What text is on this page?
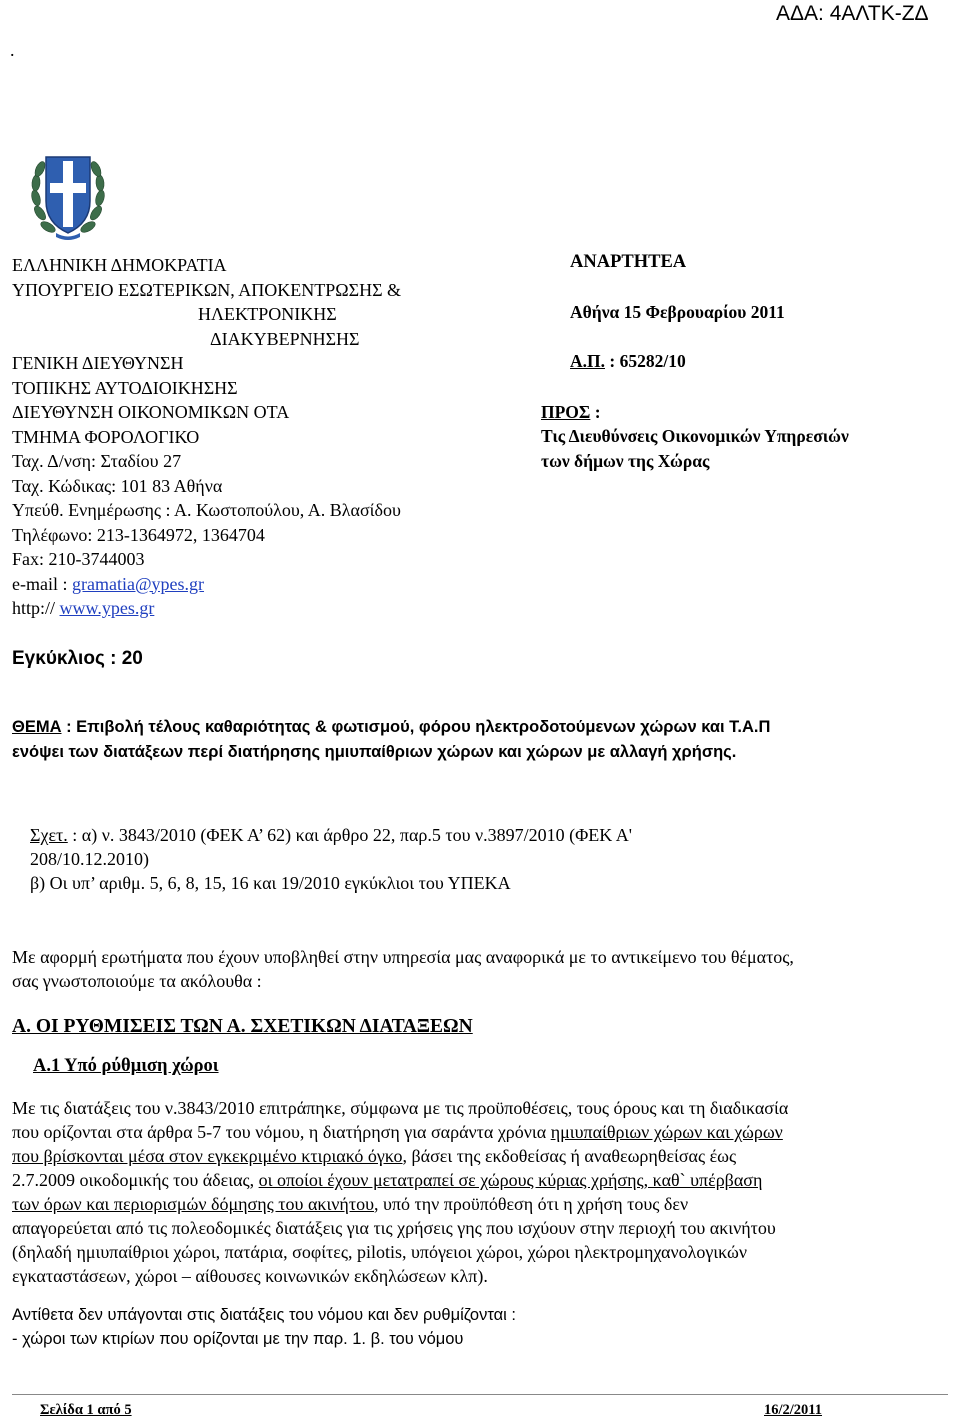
ΑΔΑ: 4ΑΛΤΚ-ΖΔ
.
ΕΛΛΗΝΙΚΗ ΔΗΜΟΚΡΑΤΙΑ
ΥΠΟΥΡΓΕΙΟ ΕΣΩΤΕΡΙΚΩΝ, ΑΠΟΚΕΝΤΡΩΣΗΣ &
ΗΛΕΚΤΡΟΝΙΚΗΣ
ΔΙΑΚΥΒΕΡΝΗΣΗΣ
ΓΕΝΙΚΗ ΔΙΕΥΘΥΝΣΗ
ΤΟΠΙΚΗΣ ΑΥΤΟΔΙΟΙΚΗΣΗΣ
ΔΙΕΥΘΥΝΣΗ ΟΙΚΟΝΟΜΙΚΩΝ ΟΤΑ
ΤΜΗΜΑ ΦΟΡΟΛΟΓΙΚΟ
Ταχ. Δ/νση: Σταδίου 27
Ταχ. Κώδικας: 101 83 Αθήνα
Υπεύθ. Ενημέρωσης : Α. Κωστοπούλου, Α. Βλασίδου
Τηλέφωνο: 213-1364972, 1364704
Fax: 210-3744003
e-mail : gramatia@ypes.gr
http:// www.ypes.gr
ΑΝΑΡΤΗΤΕΑ
Αθήνα 15 Φεβρουαρίου 2011
Α.Π. : 65282/10
ΠΡΟΣ :
Τις Διευθύνσεις Οικονομικών Υπηρεσιών
των δήμων της Χώρας
Εγκύκλιος : 20
ΘΕΜΑ : Επιβολή τέλους καθαριότητας & φωτισμού, φόρου ηλεκτροδοτούμενων χώρων και Τ.Α.Π
ενόψει των διατάξεων περί διατήρησης ημιυπαίθριων χώρων και χώρων με αλλαγή χρήσης.
Σχετ. : α) ν. 3843/2010 (ΦΕΚ Α’ 62) και άρθρο 22, παρ.5 του ν.3897/2010 (ΦΕΚ Α'
208/10.12.2010)
β) Οι υπ’ αριθμ. 5, 6, 8, 15, 16 και 19/2010 εγκύκλιοι του ΥΠΕΚΑ
Με αφορμή ερωτήματα που έχουν υποβληθεί στην υπηρεσία μας αναφορικά με το αντικείμενο του θέματος,
σας γνωστοποιούμε τα ακόλουθα :
Α. ΟΙ ΡΥΘΜΙΣΕΙΣ ΤΩΝ Α. ΣΧΕΤΙΚΩΝ ΔΙΑΤΑΞΕΩΝ
Α.1 Υπό ρύθμιση χώροι
Με τις διατάξεις του ν.3843/2010 επιτράπηκε, σύμφωνα με τις προϋποθέσεις, τους όρους και τη διαδικασία
που ορίζονται στα άρθρα 5-7 του νόμου, η διατήρηση για σαράντα χρόνια ημιυπαίθριων χώρων και χώρων
που βρίσκονται μέσα στον εγκεκριμένο κτιριακό όγκο, βάσει της εκδοθείσας ή αναθεωρηθείσας έως
2.7.2009 οικοδομικής του άδειας, οι οποίοι έχουν μετατραπεί σε χώρους κύριας χρήσης, καθ` υπέρβαση
των όρων και περιορισμών δόμησης του ακινήτου, υπό την προϋπόθεση ότι η χρήση τους δεν
απαγορεύεται από τις πολεοδομικές διατάξεις για τις χρήσεις γης που ισχύουν στην περιοχή του ακινήτου
(δηλαδή ημιυπαίθριοι χώροι, πατάρια, σοφίτες, pilotis, υπόγειοι χώροι, χώροι ηλεκτρομηχανολογικών
εγκαταστάσεων, χώροι – αίθουσες κοινωνικών εκδηλώσεων κλπ).
Αντίθετα δεν υπάγονται στις διατάξεις του νόμου και δεν ρυθμίζονται :
- χώροι των κτιρίων που ορίζονται με την παρ. 1. β. του νόμου
Σελίδα 1 από 5	16/2/2011
